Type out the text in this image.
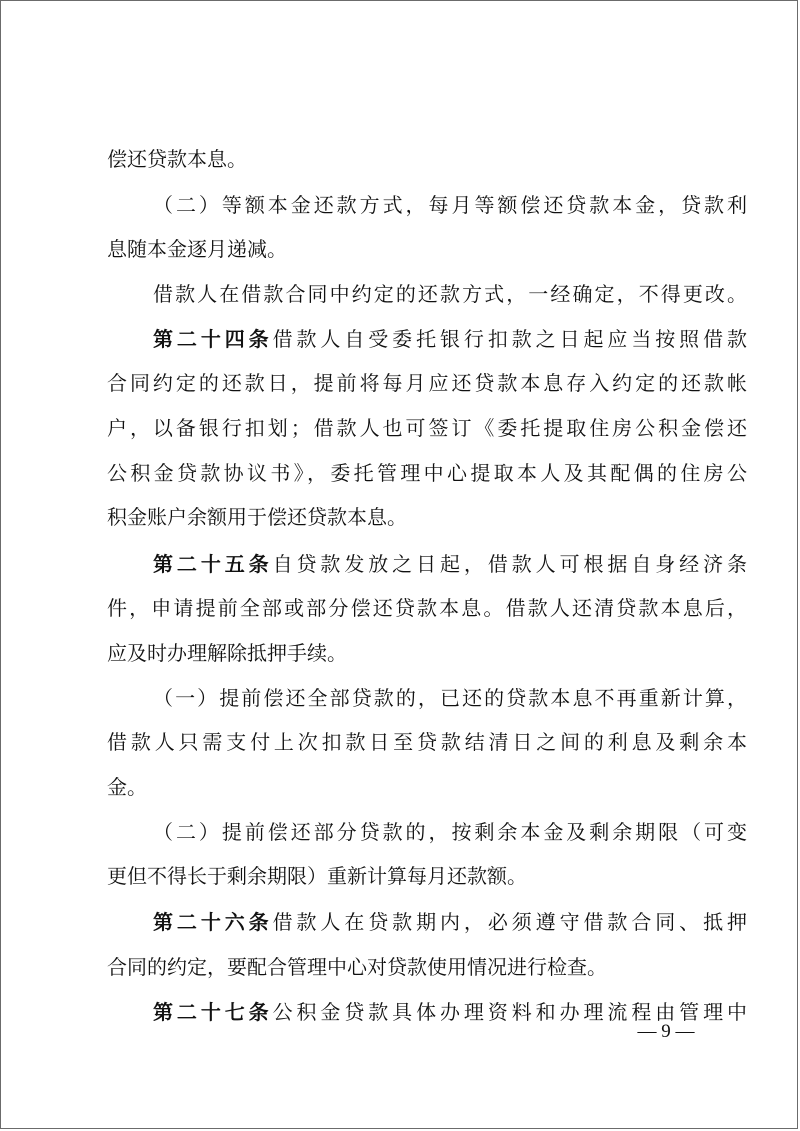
偿还贷款本息。
（二）等额本金还款方式，每月等额偿还贷款本金，贷款利
息随本金逐月递减。
借款人在借款合同中约定的还款方式，一经确定，不得更改。
第二十四条借款人自受委托银行扣款之日起应当按照借款
合同约定的还款日，提前将每月应还贷款本息存入约定的还款帐
户，以备银行扣划；借款人也可签订《委托提取住房公积金偿还
公积金贷款协议书》，委托管理中心提取本人及其配偶的住房公
积金账户余额用于偿还贷款本息。
第二十五条自贷款发放之日起，借款人可根据自身经济条
件，申请提前全部或部分偿还贷款本息。借款人还清贷款本息后，
应及时办理解除抵押手续。
（一）提前偿还全部贷款的，已还的贷款本息不再重新计算，
借款人只需支付上次扣款日至贷款结清日之间的利息及剩余本
金。
（二）提前偿还部分贷款的，按剩余本金及剩余期限（可变
更但不得长于剩余期限）重新计算每月还款额。
第二十六条借款人在贷款期内，必须遵守借款合同、抵押
合同的约定，要配合管理中心对贷款使用情况进行检查。
第二十七条公积金贷款具体办理资料和办理流程由管理中
— 9 —
